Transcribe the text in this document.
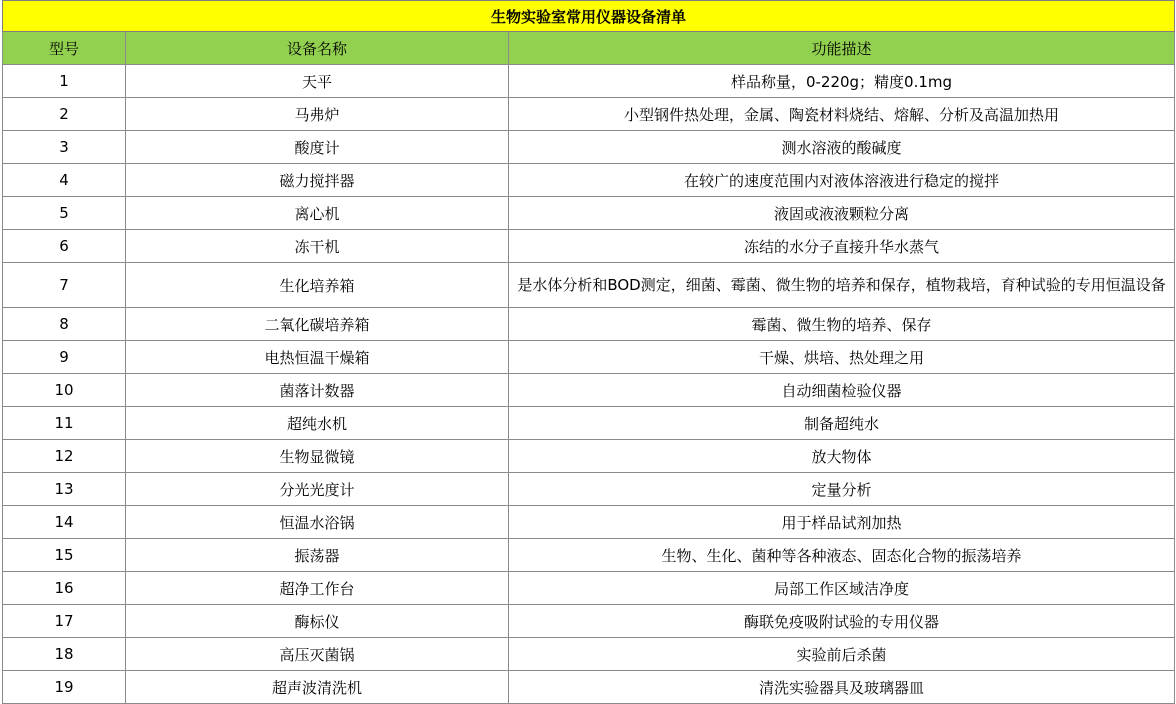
生物实验室常用仪器设备清单		
型号	设备名称	功能描述
1	天平	样品称量，0-220g；精度0.1mg
2	马弗炉	小型钢件热处理，金属、陶瓷材料烧结、熔解、分析及高温加热用
3	酸度计	测水溶液的酸碱度
4	磁力搅拌器	在较广的速度范围内对液体溶液进行稳定的搅拌
5	离心机	液固或液液颗粒分离
6	冻干机	冻结的水分子直接升华水蒸气
7	生化培养箱	是水体分析和BOD测定，细菌、霉菌、微生物的培养和保存，植物栽培，育种试验的专用恒温设备
8	二氧化碳培养箱	霉菌、微生物的培养、保存
9	电热恒温干燥箱	干燥、烘培、热处理之用
10	菌落计数器	自动细菌检验仪器
11	超纯水机	制备超纯水
12	生物显微镜	放大物体
13	分光光度计	定量分析
14	恒温水浴锅	用于样品试剂加热
15	振荡器	生物、生化、菌种等各种液态、固态化合物的振荡培养
16	超净工作台	局部工作区域洁净度
17	酶标仪	酶联免疫吸附试验的专用仪器
18	高压灭菌锅	实验前后杀菌
19	超声波清洗机	清洗实验器具及玻璃器皿
